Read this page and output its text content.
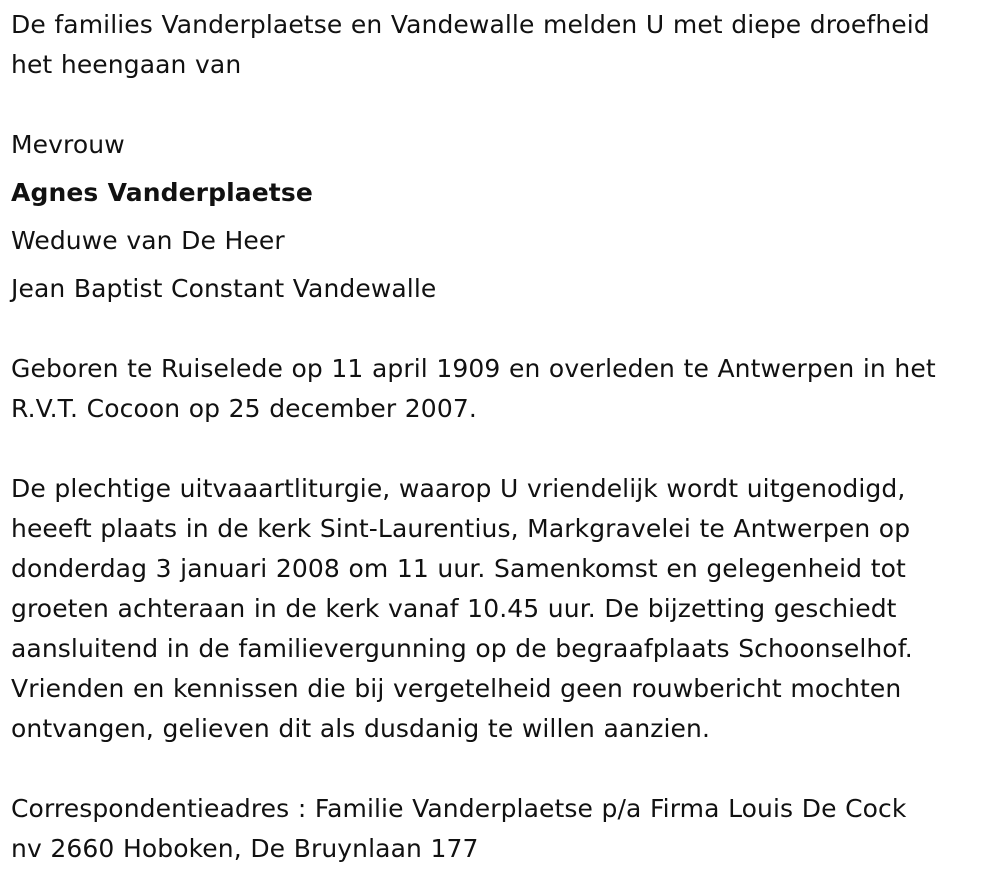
De families Vanderplaetse en Vandewalle melden U met diepe droefheid
het heengaan van
Mevrouw
Agnes Vanderplaetse
Weduwe van De Heer
Jean Baptist Constant Vandewalle
Geboren te Ruiselede op 11 april 1909 en overleden te Antwerpen in het
R.V.T. Cocoon op 25 december 2007.
De plechtige uitvaaartliturgie, waarop U vriendelijk wordt uitgenodigd,
heeeft plaats in de kerk Sint-Laurentius, Markgravelei te Antwerpen op
donderdag 3 januari 2008 om 11 uur. Samenkomst en gelegenheid tot
groeten achteraan in de kerk vanaf 10.45 uur. De bijzetting geschiedt
aansluitend in de familievergunning op de begraafplaats Schoonselhof.
Vrienden en kennissen die bij vergetelheid geen rouwbericht mochten
ontvangen, gelieven dit als dusdanig te willen aanzien.
Correspondentieadres : Familie Vanderplaetse p/a Firma Louis De Cock
nv 2660 Hoboken, De Bruynlaan 177
